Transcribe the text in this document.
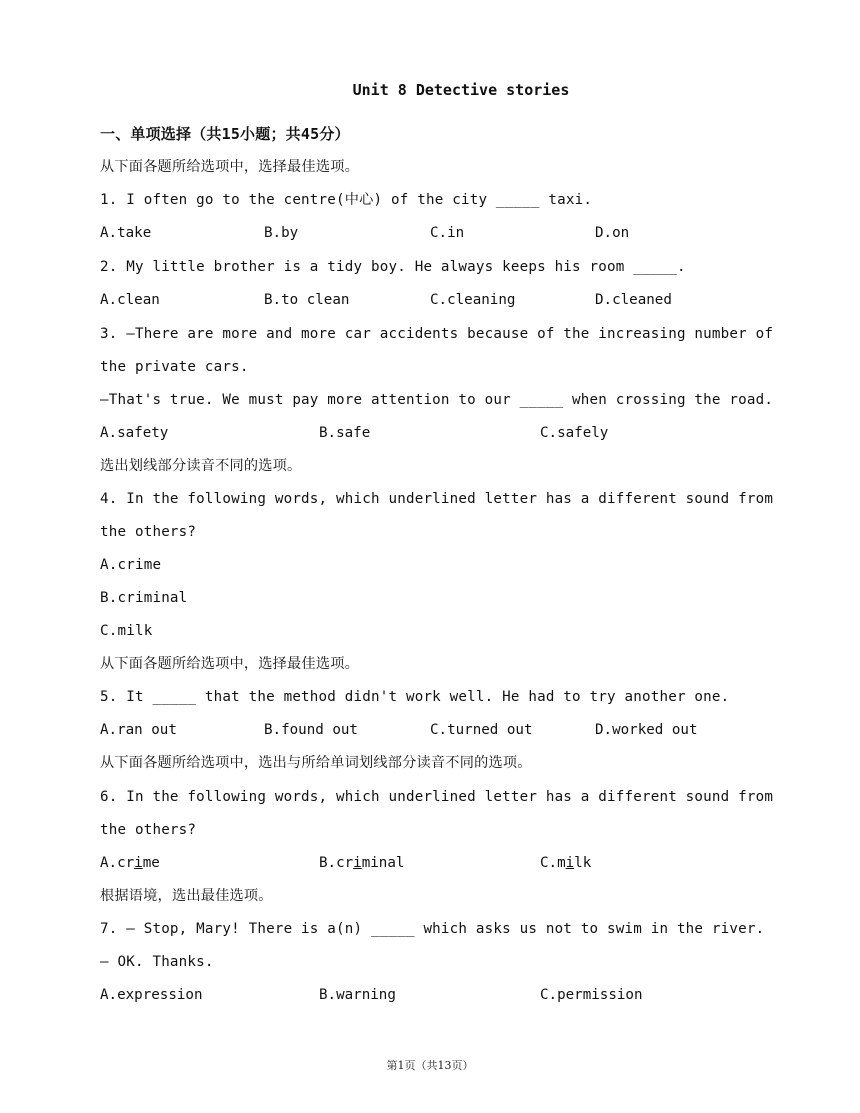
Unit 8 Detective stories
一、单项选择（共15小题；共45分）
从下面各题所给选项中，选择最佳选项。
1. I often go to the centre(中心) of the city _____ taxi.
A.take	B.by	C.in	D.on
2. My little brother is a tidy boy. He always keeps his room _____.
A.clean	B.to clean	C.cleaning	D.cleaned
3. —There are more and more car accidents because of the increasing number of
the private cars.
—That's true. We must pay more attention to our _____ when crossing the road.
A.safety	B.safe	C.safely
选出划线部分读音不同的选项。
4. In the following words, which underlined letter has a different sound from
the others?
A.crime
B.criminal
C.milk
从下面各题所给选项中，选择最佳选项。
5. It _____ that the method didn't work well. He had to try another one.
A.ran out	B.found out	C.turned out	D.worked out
从下面各题所给选项中，选出与所给单词划线部分读音不同的选项。
6. In the following words, which underlined letter has a different sound from
the others?
A.crime	B.criminal	C.milk
根据语境，选出最佳选项。
7. — Stop, Mary! There is a(n) _____ which asks us not to swim in the river.
— OK. Thanks.
A.expression	B.warning	C.permission
第1页（共13页）
